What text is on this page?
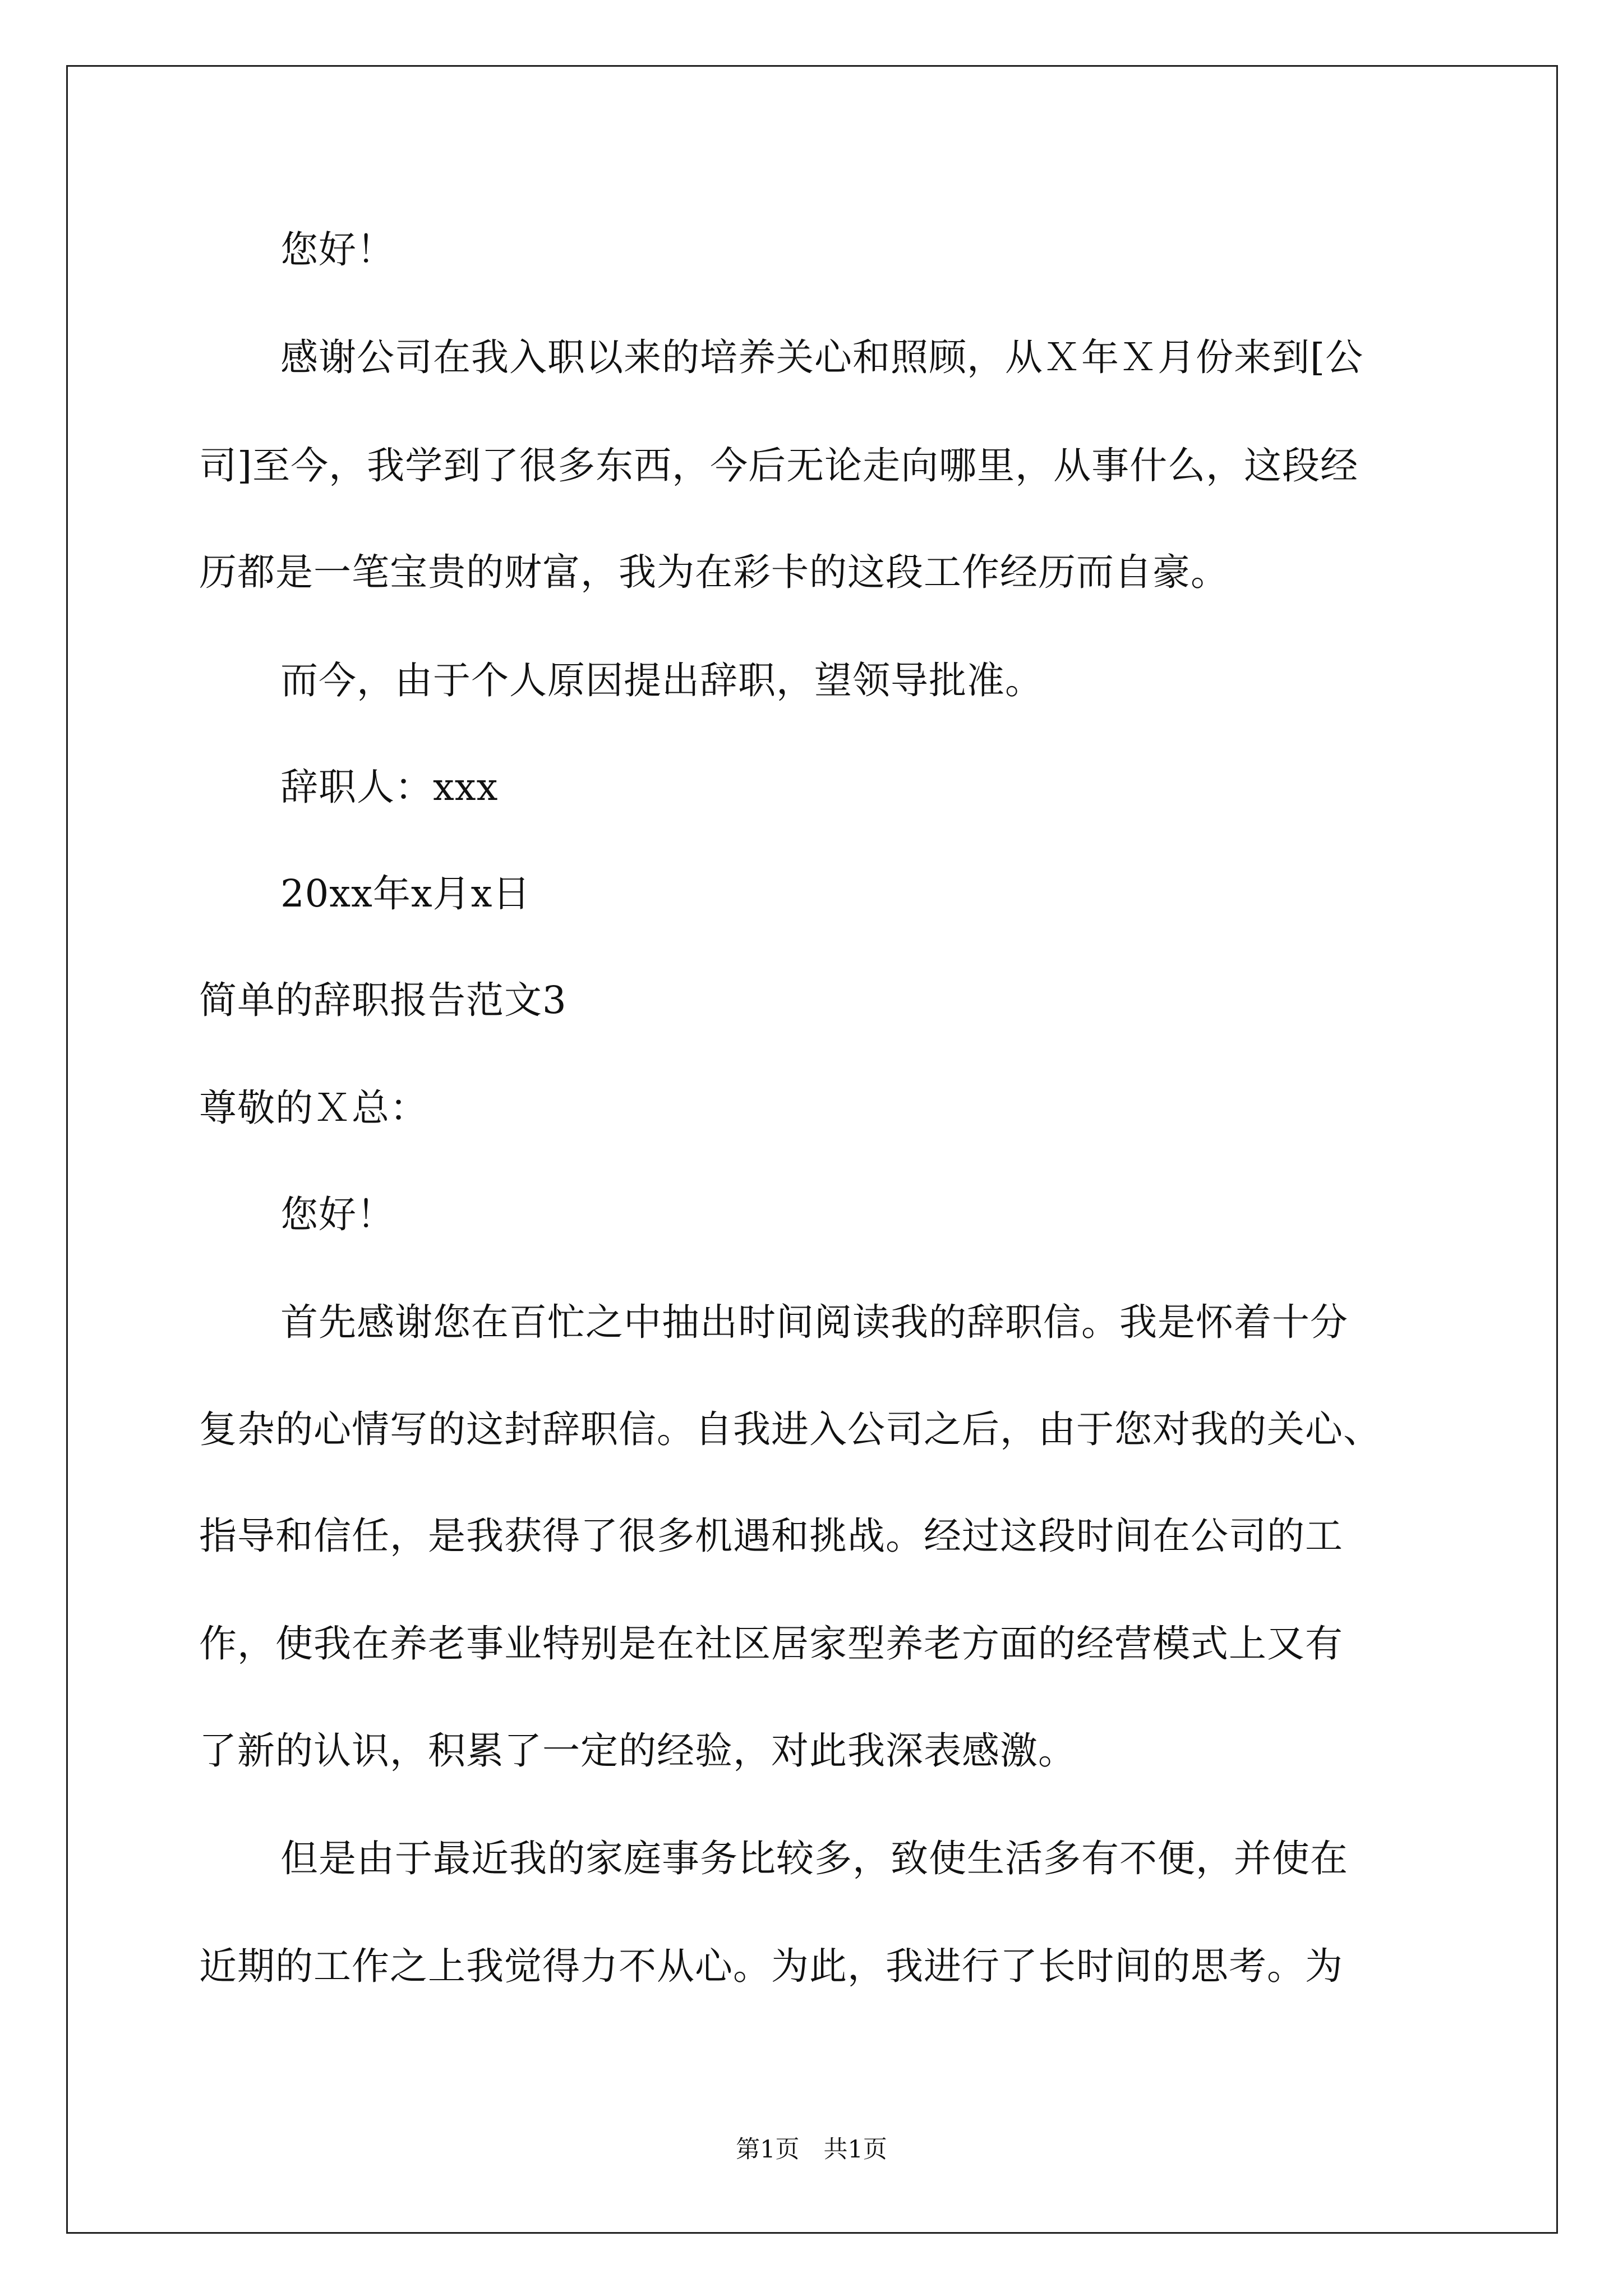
您好！
感谢公司在我入职以来的培养关心和照顾，从Ｘ年Ｘ月份来到[公
司]至今，我学到了很多东西，今后无论走向哪里，从事什么，这段经
历都是一笔宝贵的财富，我为在彩卡的这段工作经历而自豪。
而今，由于个人原因提出辞职，望领导批准。
辞职人：xxx
20xx年x月x日
简单的辞职报告范文3
尊敬的Ｘ总：
您好！
首先感谢您在百忙之中抽出时间阅读我的辞职信。我是怀着十分
复杂的心情写的这封辞职信。自我进入公司之后，由于您对我的关心、
指导和信任，是我获得了很多机遇和挑战。经过这段时间在公司的工
作，使我在养老事业特别是在社区居家型养老方面的经营模式上又有
了新的认识，积累了一定的经验，对此我深表感激。
但是由于最近我的家庭事务比较多，致使生活多有不便，并使在
近期的工作之上我觉得力不从心。为此，我进行了长时间的思考。为
第1页　共1页
